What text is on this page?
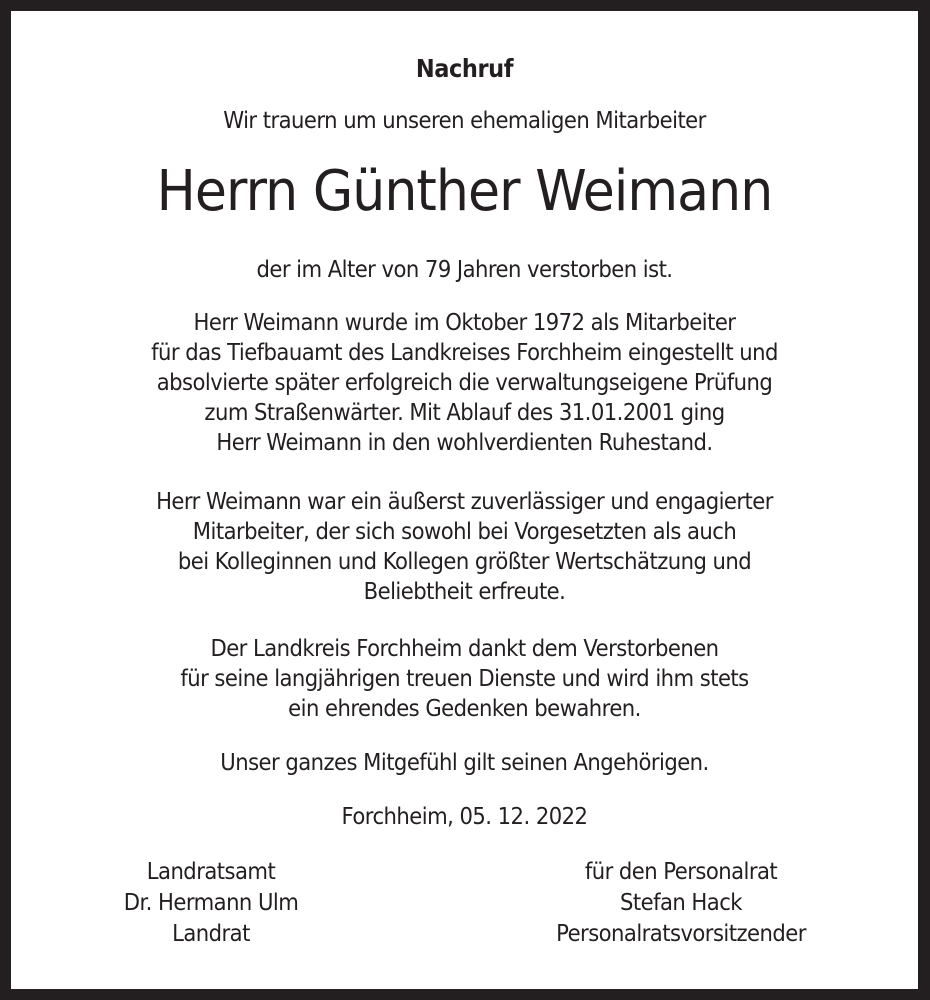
Nachruf
Wir trauern um unseren ehemaligen Mitarbeiter
Herrn Günther Weimann
der im Alter von 79 Jahren verstorben ist.
Herr Weimann wurde im Oktober 1972 als Mitarbeiter
für das Tiefbauamt des Landkreises Forchheim eingestellt und
absolvierte später erfolgreich die verwaltungseigene Prüfung
zum Straßenwärter. Mit Ablauf des 31.01.2001 ging
Herr Weimann in den wohlverdienten Ruhestand.
Herr Weimann war ein äußerst zuverlässiger und engagierter
Mitarbeiter, der sich sowohl bei Vorgesetzten als auch
bei Kolleginnen und Kollegen größter Wertschätzung und
Beliebtheit erfreute.
Der Landkreis Forchheim dankt dem Verstorbenen
für seine langjährigen treuen Dienste und wird ihm stets
ein ehrendes Gedenken bewahren.
Unser ganzes Mitgefühl gilt seinen Angehörigen.
Forchheim, 05. 12. 2022
Landratsamt
Dr. Hermann Ulm
Landrat
für den Personalrat
Stefan Hack
Personalratsvorsitzender
